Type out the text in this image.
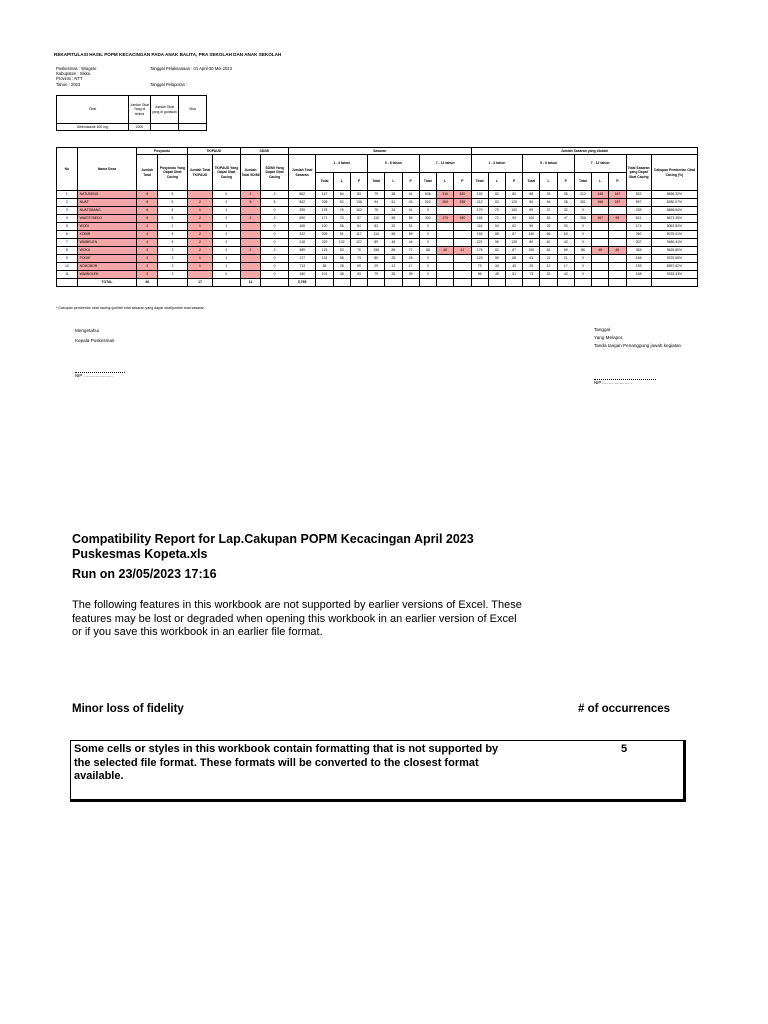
REKAPITULASI HASIL POPM KECACINGAN PADA ANAK BALITA, PRA SEKOLAH DAN ANAK SEKOLAH
Puskesmas : Wiagete
Kabupaten : Sikka
Provinsi : NTT
Tahun : 2023
Tanggal Pelaksanaan : 01 April-30 Mei 2023

Tanggal Pelaporan :
Obat	Jumlah Obat Yang di terima	Jumlah Obat yang di gunakan	Sisa
Albendazole 400 mg	2000		
No	Nama Desa	Posyandu		TK/PAUD		SD/MI		Sasaran										Jumlah Sasaran yang diobati										
		Jumlah Total	Posyandu Yang Dapat Obat Cacing	Jumlah Total TK/PAUD	TK/PAUD Yang Dapat Obat Cacing	Jumlah Total SD/MI	SD/MI Yang Dapat Obat Cacing	Jumlah Total Sasaran	1 - 4 tahun			5 - 6 tahun			7 - 12 tahun			1 - 4 tahun			5 - 6 tahun			7 - 12 tahun			Total Sasaran yang Dapat Obat Cacing	Cakupan Pemberian Obat Cacing (%)
									Total	L	P	Total	L	P	Total	L	P	Total	L	P	Total	L	P	Total	L	P		
1	NATUDENG	5	5		0	2	2	862	147	64	83	79	38	41	636	316	320	102	82	80	68	33	35	212	146	167	522	8696.32%
2	NUAT	5	5	2	2	5	5	842	228	92	136	94	51	43	520	263	258	212	83	129	84	46	38	301	166	187	597	8280.07%
3	NUATOBANG	6	6	1	1		0	255	178	76	102	75	34	41	0			170	70	100	69	37	32	0			239	8666.64%
4	WAIOTI BEDO	5	5	2	2	2	2	690	171	73	97	110	55	55	300	170	150	165	72	93	100	53	47	256	167	99	621	8673.35%
5	WODI	2	2	1	1		0	165	120	56	64	83	32	51	0			116	54	62	59	29	30	0			174	9062.84%
6	KOBIR	4	4	2	2		0	322	209	91	117	114	55	59	0			192	85	87	130	66	63	0			260	8075.01%
7	WAIBELEN	4	4	2	2		0	218	229	102	127	89	45	44	0			221	96	125	80	40	40	0			307	9480.41%
8	WOKA	3	3	2	2	2	2	389	123	53	70	158	86	72	68	45	41	176	82	67	150	81	69	86	45	45	355	9625.80%
9	POGIE	3	3	1	1		0	177	131	58	73	80	25	25	0			123	55	68	63	21	21	0			166	9375.55%
10	NOHOBOR	3	3	1	1		0	713	85	28	69	29	12	17	0			79	34	45	29	12	17	0			159	8597.62%
11	WAIWOLEN	3	3		0		0	180	101	48	53	79	35	39	0			96	45	51	73	32	40	0			168	9333.33%
	TOTAL	46		17		11		5,765																				
* Cakupan pemberian obat cacing=jumlah total sasaran yang dapat obat/jumlah total sasaran
Mengetahui
Kepala Puskesmas
NIP : ......................
Tanggal
Yang Melapor,
Tanda tangan Penanggung jawab kegiatan
NIP:........................
Compatibility Report for Lap.Cakupan POPM Kecacingan April 2023
Puskesmas Kopeta.xls
Run on 23/05/2023 17:16
The following features in this workbook are not supported by earlier versions of Excel. These features may be lost or degraded when opening this workbook in an earlier version of Excel or if you save this workbook in an earlier file format.
Minor loss of fidelity	# of occurrences
Some cells or styles in this workbook contain formatting that is not supported by the selected file format. These formats will be converted to the closest format available.
5
